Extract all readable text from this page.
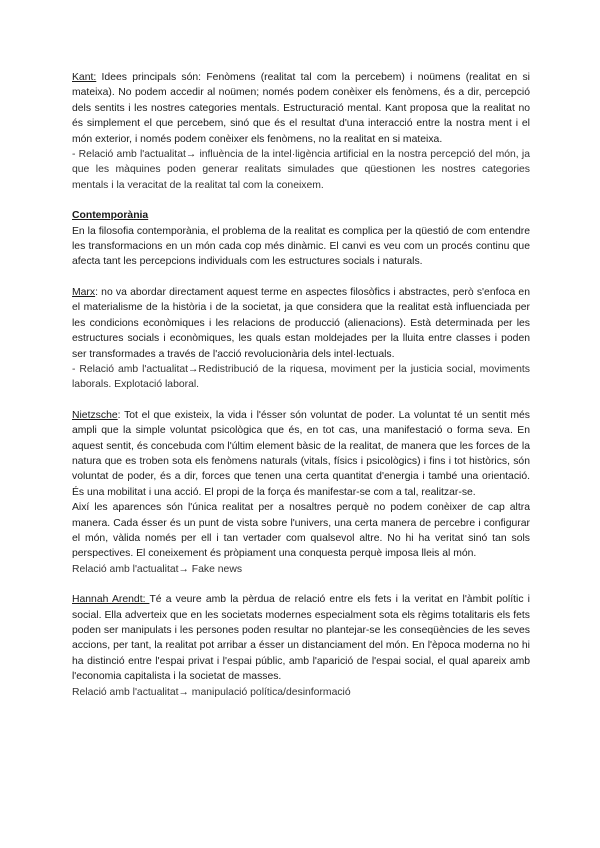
Kant: Idees principals són: Fenòmens (realitat tal com la percebem) i noümens (realitat en si mateixa). No podem accedir al noümen; només podem conèixer els fenòmens, és a dir, percepció dels sentits i les nostres categories mentals. Estructuració mental. Kant proposa que la realitat no és simplement el que percebem, sinó que és el resultat d'una interacció entre la nostra ment i el món exterior, i només podem conèixer els fenòmens, no la realitat en si mateixa.

- Relació amb l'actualitat→ influència de la intel·ligència artificial en la nostra percepció del món, ja que les màquines poden generar realitats simulades que qüestionen les nostres categories mentals i la veracitat de la realitat tal com la coneixem.

Contemporània

En la filosofia contemporània, el problema de la realitat es complica per la qüestió de com entendre les transformacions en un món cada cop més dinàmic. El canvi es veu com un procés continu que afecta tant les percepcions individuals com les estructures socials i naturals.

Marx: no va abordar directament aquest terme en aspectes filosòfics i abstractes, però s'enfoca en el materialisme de la història i de la societat, ja que considera que la realitat està influenciada per les condicions econòmiques i les relacions de producció (alienacions). Està determinada per les estructures socials i econòmiques, les quals estan moldejades per la lluita entre classes i poden ser transformades a través de l'acció revolucionària dels intel·lectuals.

- Relació amb l'actualitat→Redistribució de la riquesa, moviment per la justicia social, moviments laborals. Explotació laboral.

Nietzsche: Tot el que existeix, la vida i l'ésser són voluntat de poder. La voluntat té un sentit més ampli que la simple voluntat psicològica que és, en tot cas, una manifestació o forma seva. En aquest sentit, és concebuda com l'últim element bàsic de la realitat, de manera que les forces de la natura que es troben sota els fenòmens naturals (vitals, físics i psicològics) i fins i tot històrics, són voluntat de poder, és a dir, forces que tenen una certa quantitat d'energia i també una orientació. És una mobilitat i una acció. El propi de la força és manifestar-se com a tal, realitzar-se.

Així les aparences són l'única realitat per a nosaltres perquè no podem conèixer de cap altra manera. Cada ésser és un punt de vista sobre l'univers, una certa manera de percebre i configurar el món, vàlida només per ell i tan vertader com qualsevol altre. No hi ha veritat sinó tan sols perspectives. El coneixement és pròpiament una conquesta perquè imposa lleis al món.

Relació amb l'actualitat→ Fake news

Hannah Arendt: Té a veure amb la pèrdua de relació entre els fets i la veritat en l'àmbit polític i social. Ella adverteix que en les societats modernes especialment sota els règims totalitaris els fets poden ser manipulats i les persones poden resultar no plantejar-se les conseqüències de les seves accions, per tant, la realitat pot arribar a ésser un distanciament del món. En l'època moderna no hi ha distinció entre l'espai privat i l'espai públic, amb l'aparició de l'espai social, el qual apareix amb l'economia capitalista i la societat de masses.

Relació amb l'actualitat→ manipulació política/desinformació
